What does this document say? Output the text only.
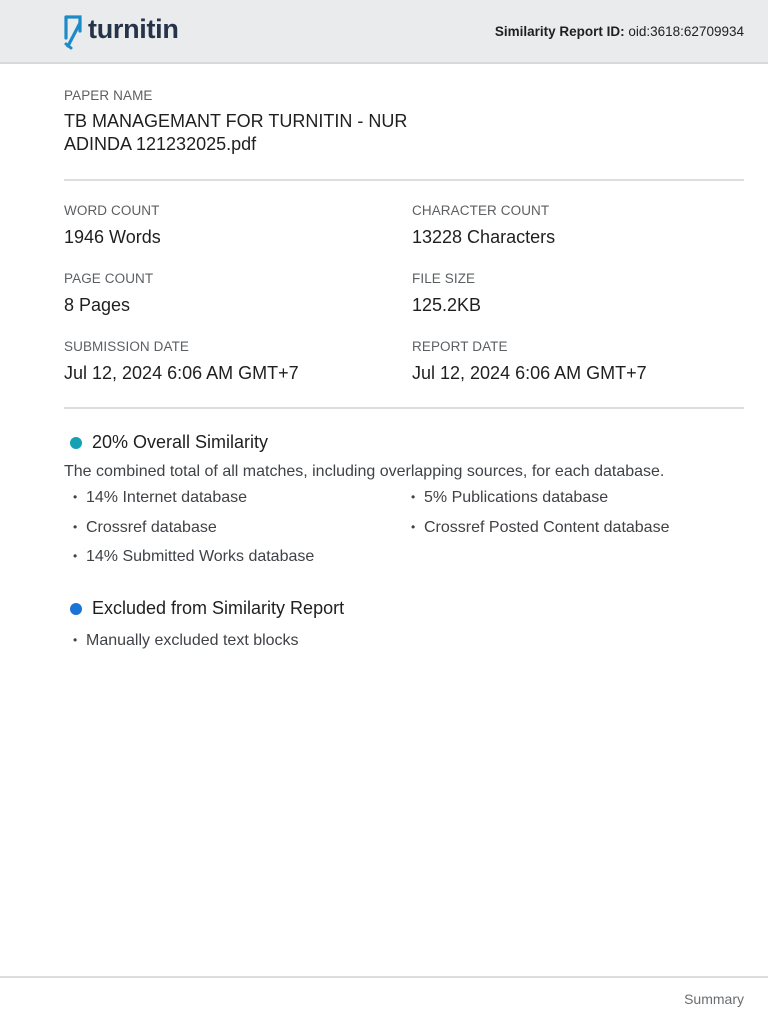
turnitin	Similarity Report ID: oid:3618:62709934
PAPER NAME
TB MANAGEMANT FOR TURNITIN - NUR ADINDA 121232025.pdf
WORD COUNT
1946 Words
CHARACTER COUNT
13228 Characters
PAGE COUNT
8 Pages
FILE SIZE
125.2KB
SUBMISSION DATE
Jul 12, 2024 6:06 AM GMT+7
REPORT DATE
Jul 12, 2024 6:06 AM GMT+7
20% Overall Similarity
The combined total of all matches, including overlapping sources, for each database.
• 14% Internet database
• Crossref database
• 14% Submitted Works database
• 5% Publications database
• Crossref Posted Content database
Excluded from Similarity Report
• Manually excluded text blocks
Summary
